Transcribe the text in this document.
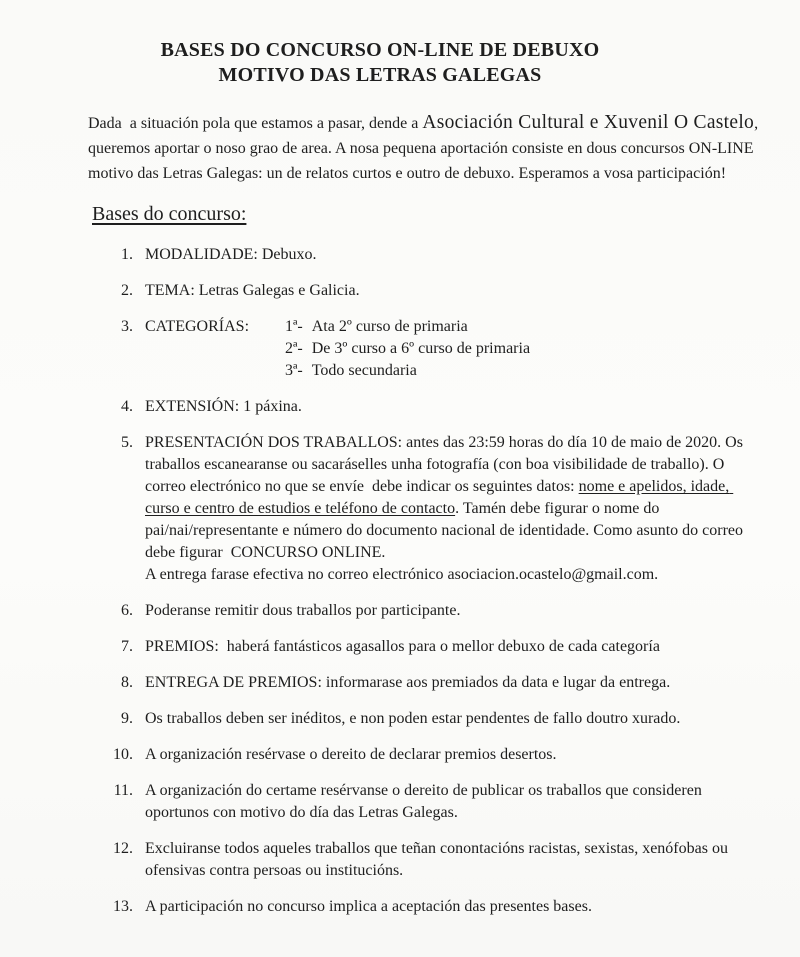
BASES DO CONCURSO ON-LINE DE DEBUXO
MOTIVO DAS LETRAS GALEGAS

Dada  a situación pola que estamos a pasar, dende a Asociación Cultural e Xuvenil O Castelo, queremos aportar o noso grao de area. A nosa pequena aportación consiste en dous concursos ON-LINE motivo das Letras Galegas: un de relatos curtos e outro de debuxo. Esperamos a vosa participación!

Bases do concurso:
1. MODALIDADE: Debuxo.
2. TEMA: Letras Galegas e Galicia.
3. CATEGORÍAS:	1ª- Ata 2º curso de primaria
2ª- De 3º curso a 6º curso de primaria
3ª- Todo secundaria
4. EXTENSIÓN: 1 páxina.
5. PRESENTACIÓN DOS TRABALLOS: antes das 23:59 horas do día 10 de maio de 2020. Os traballos escanearanse ou sacaráselles unha fotografía (con boa visibilidade de traballo). O correo electrónico no que se envíe  debe indicar os seguintes datos: nome e apelidos, idade, curso e centro de estudios e teléfono de contacto. Tamén debe figurar o nome do pai/nai/representante e número do documento nacional de identidade. Como asunto do correo debe figurar  CONCURSO ONLINE.
A entrega farase efectiva no correo electrónico asociacion.ocastelo@gmail.com.
6. Poderanse remitir dous traballos por participante.
7. PREMIOS:  haberá fantásticos agasallos para o mellor debuxo de cada categoría
8. ENTREGA DE PREMIOS: informarase aos premiados da data e lugar da entrega.
9. Os traballos deben ser inéditos, e non poden estar pendentes de fallo doutro xurado.
10. A organización resérvase o dereito de declarar premios desertos.
11. A organización do certame resérvanse o dereito de publicar os traballos que consideren oportunos con motivo do día das Letras Galegas.
12. Excluiranse todos aqueles traballos que teñan conontacións racistas, sexistas, xenófobas ou ofensivas contra persoas ou institucións.
13. A participación no concurso implica a aceptación das presentes bases.
